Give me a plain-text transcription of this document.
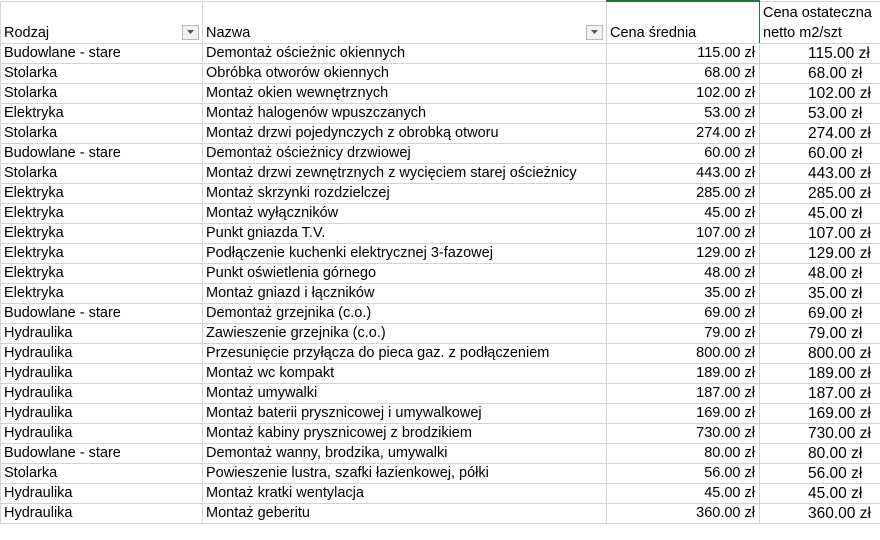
Rodzaj	Nazwa	Cena średnia	Cena ostateczna
netto m2/szt

Budowlane - stare	Demontaż ościeżnic okiennych	115.00 zł	115.00 zł
Stolarka	Obróbka otworów okiennych	68.00 zł	68.00 zł
Stolarka	Montaż okien wewnętrznych	102.00 zł	102.00 zł
Elektryka	Montaż halogenów wpuszczanych	53.00 zł	53.00 zł
Stolarka	Montaż drzwi pojedynczych z obrobką otworu	274.00 zł	274.00 zł
Budowlane - stare	Demontaż ościeżnicy drzwiowej	60.00 zł	60.00 zł
Stolarka	Montaż drzwi zewnętrznych z wycięciem starej ościeżnicy	443.00 zł	443.00 zł
Elektryka	Montaż skrzynki rozdzielczej	285.00 zł	285.00 zł
Elektryka	Montaż wyłączników	45.00 zł	45.00 zł
Elektryka	Punkt gniazda T.V.	107.00 zł	107.00 zł
Elektryka	Podłączenie kuchenki elektrycznej 3-fazowej	129.00 zł	129.00 zł
Elektryka	Punkt oświetlenia górnego	48.00 zł	48.00 zł
Elektryka	Montaż gniazd i łączników	35.00 zł	35.00 zł
Budowlane - stare	Demontaż grzejnika (c.o.)	69.00 zł	69.00 zł
Hydraulika	Zawieszenie grzejnika (c.o.)	79.00 zł	79.00 zł
Hydraulika	Przesunięcie przyłącza do pieca gaz. z podłączeniem	800.00 zł	800.00 zł
Hydraulika	Montaż wc kompakt	189.00 zł	189.00 zł
Hydraulika	Montaż umywalki	187.00 zł	187.00 zł
Hydraulika	Montaż baterii prysznicowej i umywalkowej	169.00 zł	169.00 zł
Hydraulika	Montaż kabiny prysznicowej z brodzikiem	730.00 zł	730.00 zł
Budowlane - stare	Demontaż wanny, brodzika, umywalki	80.00 zł	80.00 zł
Stolarka	Powieszenie lustra, szafki łazienkowej, półki	56.00 zł	56.00 zł
Hydraulika	Montaż kratki wentylacja	45.00 zł	45.00 zł
Hydraulika	Montaż geberitu	360.00 zł	360.00 zł
